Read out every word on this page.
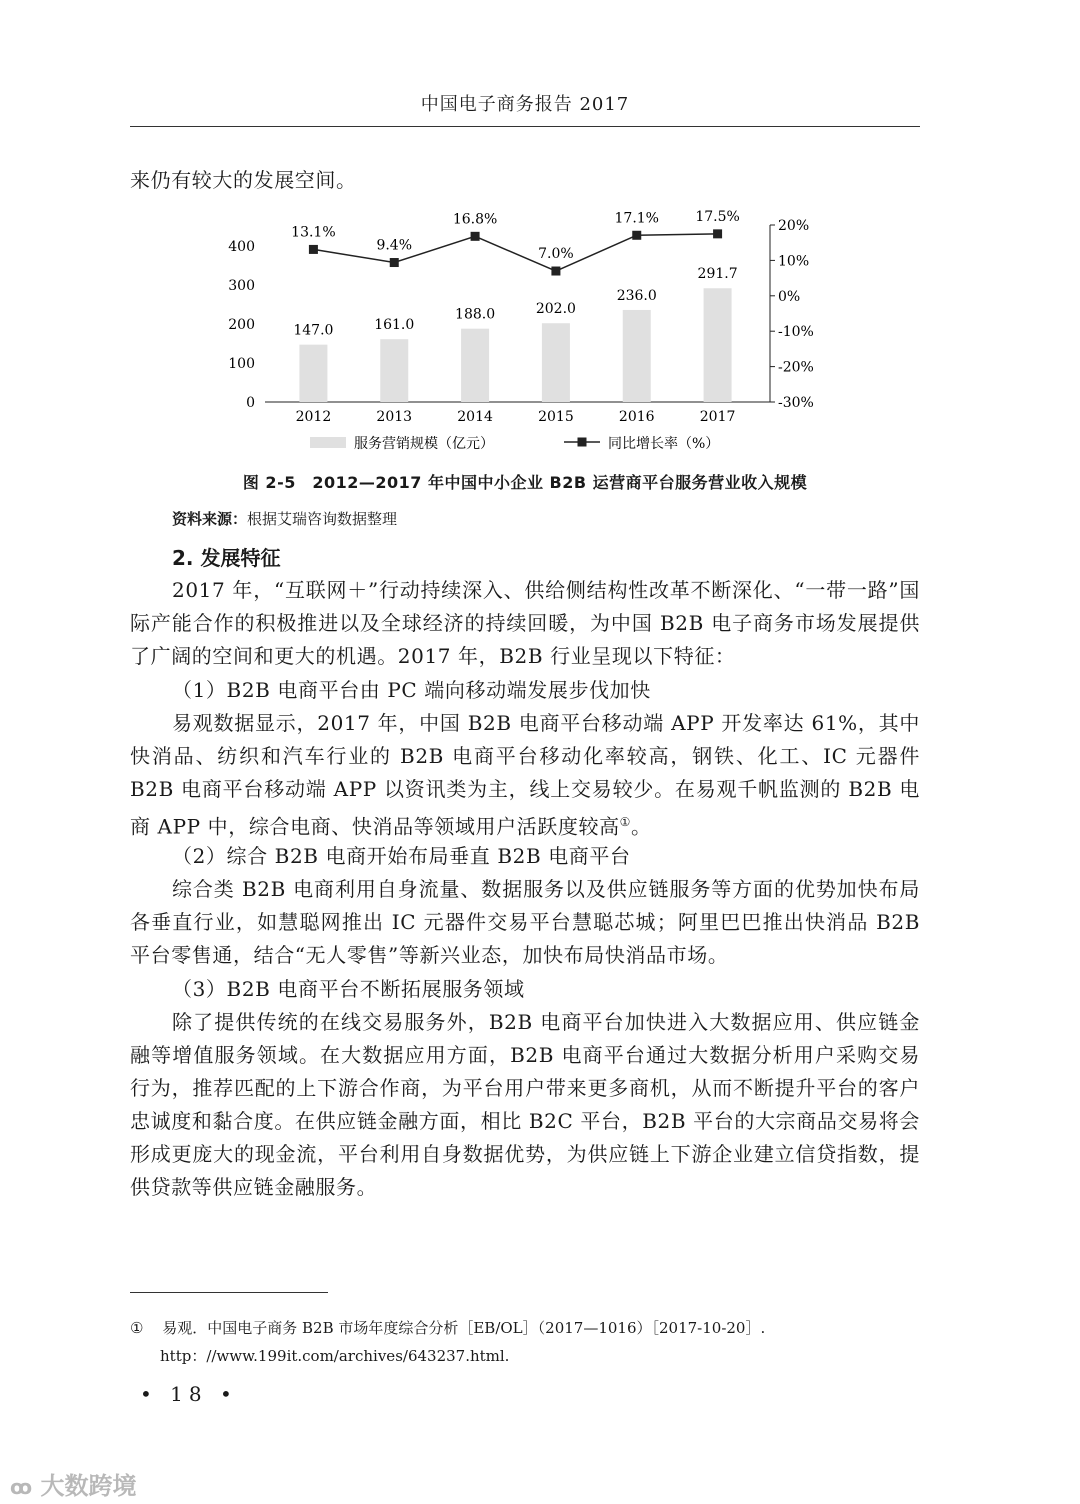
中国电子商务报告 2017

来仍有较大的发展空间。

0
100
200
300
400
-30%
-20%
-10%
0%
10%
20%
2012	2013	2014	2015	2016	2017
147.0	161.0
188.0	202.0
236.0
291.7
13.1%
9.4%
16.8%
7.0%
17.1%	17.5%
服务营销规模（亿元）	同比增长率（%）
图 2-5　2012—2017 年中国中小企业 B2B 运营商平台服务营业收入规模
资料来源：根据艾瑞咨询数据整理
2. 发展特征

2017 年，“互联网＋”行动持续深入、供给侧结构性改革不断深化、“一带一路”国际产能合作的积极推进以及全球经济的持续回暖，为中国 B2B 电子商务市场发展提供了广阔的空间和更大的机遇。2017 年，B2B 行业呈现以下特征：

（1）B2B 电商平台由 PC 端向移动端发展步伐加快

易观数据显示，2017 年，中国 B2B 电商平台移动端 APP 开发率达 61%，其中快消品、纺织和汽车行业的 B2B 电商平台移动化率较高，钢铁、化工、IC 元器件 B2B 电商平台移动端 APP 以资讯类为主，线上交易较少。在易观千帆监测的 B2B 电商 APP 中，综合电商、快消品等领域用户活跃度较高①。

（2）综合 B2B 电商开始布局垂直 B2B 电商平台

综合类 B2B 电商利用自身流量、数据服务以及供应链服务等方面的优势加快布局各垂直行业，如慧聪网推出 IC 元器件交易平台慧聪芯城；阿里巴巴推出快消品 B2B 平台零售通，结合“无人零售”等新兴业态，加快布局快消品市场。

（3）B2B 电商平台不断拓展服务领域

除了提供传统的在线交易服务外，B2B 电商平台加快进入大数据应用、供应链金融等增值服务领域。在大数据应用方面，B2B 电商平台通过大数据分析用户采购交易行为，推荐匹配的上下游合作商，为平台用户带来更多商机，从而不断提升平台的客户忠诚度和黏合度。在供应链金融方面，相比 B2C 平台，B2B 平台的大宗商品交易将会形成更庞大的现金流，平台利用自身数据优势，为供应链上下游企业建立信贷指数，提供贷款等供应链金融服务。

① 易观．中国电子商务 B2B 市场年度综合分析［EB/OL］（2017—1016）［2017-10-20］.
http：//www.199it.com/archives/643237.html.
• 18 •
ꝏ 大数跨境
